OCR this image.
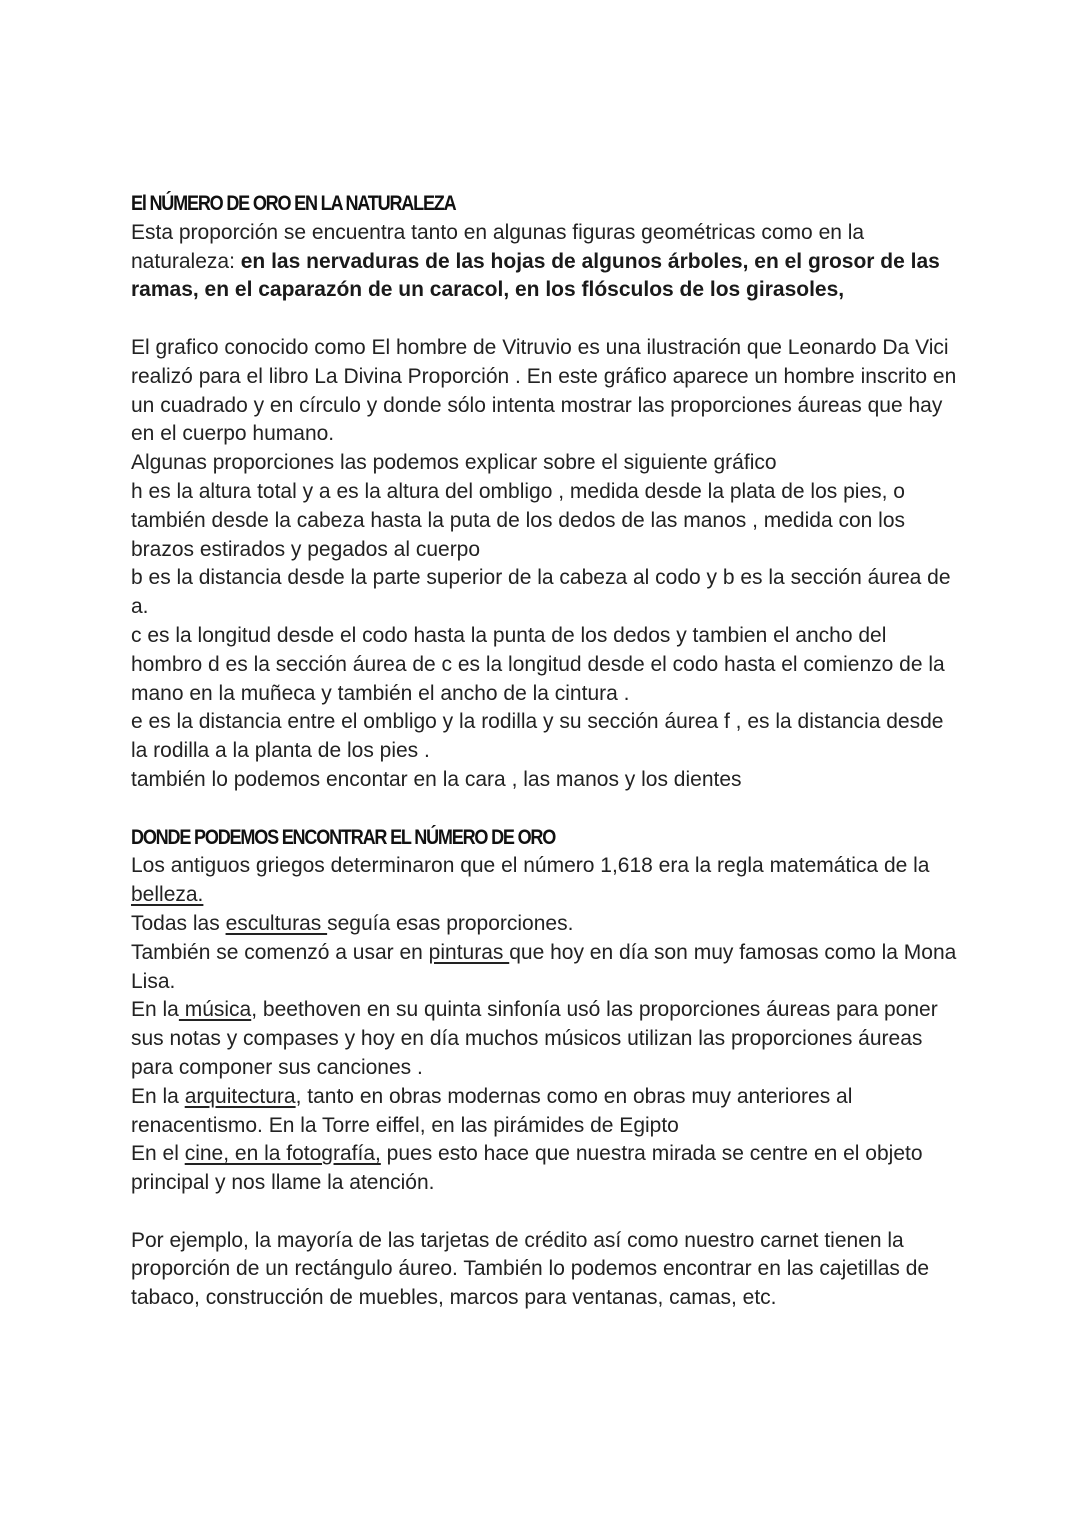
El NÚMERO DE ORO EN LA NATURALEZA

Esta proporción se encuentra tanto en algunas figuras geométricas como en la naturaleza: en las nervaduras de las hojas de algunos árboles, en el grosor de las ramas, en el caparazón de un caracol, en los flósculos de los girasoles,

El grafico conocido como El hombre de Vitruvio es una ilustración que Leonardo Da Vici realizó para el libro La Divina Proporción . En este gráfico aparece un hombre inscrito en un cuadrado y en círculo y donde sólo intenta mostrar las proporciones áureas que hay en el cuerpo humano.

Algunas proporciones las podemos explicar sobre el siguiente gráfico

h es la altura total y a es la altura del ombligo , medida desde la plata de los pies, o también desde la cabeza hasta la puta de los dedos de las manos , medida con los brazos estirados y pegados al cuerpo

b es la distancia desde la parte superior de la cabeza al codo y b es la sección áurea de a.

c es la longitud desde el codo hasta la punta de los dedos y tambien el ancho del hombro d es la sección áurea de c es la longitud desde el codo hasta el comienzo de la mano en la muñeca y también el ancho de la cintura .

e es la distancia entre el ombligo y la rodilla y su sección áurea f , es la distancia desde la rodilla a la planta de los pies .

también lo podemos encontar en la cara , las manos y los dientes

DONDE PODEMOS ENCONTRAR EL NÚMERO DE ORO

Los antiguos griegos determinaron que el número 1,618 era la regla matemática de la belleza.

Todas las esculturas seguía esas proporciones.

También se comenzó a usar en pinturas que hoy en día son muy famosas como la Mona Lisa.

En la música, beethoven en su quinta sinfonía usó las proporciones áureas para poner sus notas y compases y hoy en día muchos músicos utilizan las proporciones áureas para componer sus canciones .

En la arquitectura, tanto en obras modernas como en obras muy anteriores al renacentismo. En la Torre eiffel, en las pirámides de Egipto

En el cine, en la fotografía, pues esto hace que nuestra mirada se centre en el objeto principal y nos llame la atención.

Por ejemplo, la mayoría de las tarjetas de crédito así como nuestro carnet tienen la proporción de un rectángulo áureo. También lo podemos encontrar en las cajetillas de tabaco, construcción de muebles, marcos para ventanas, camas, etc.
